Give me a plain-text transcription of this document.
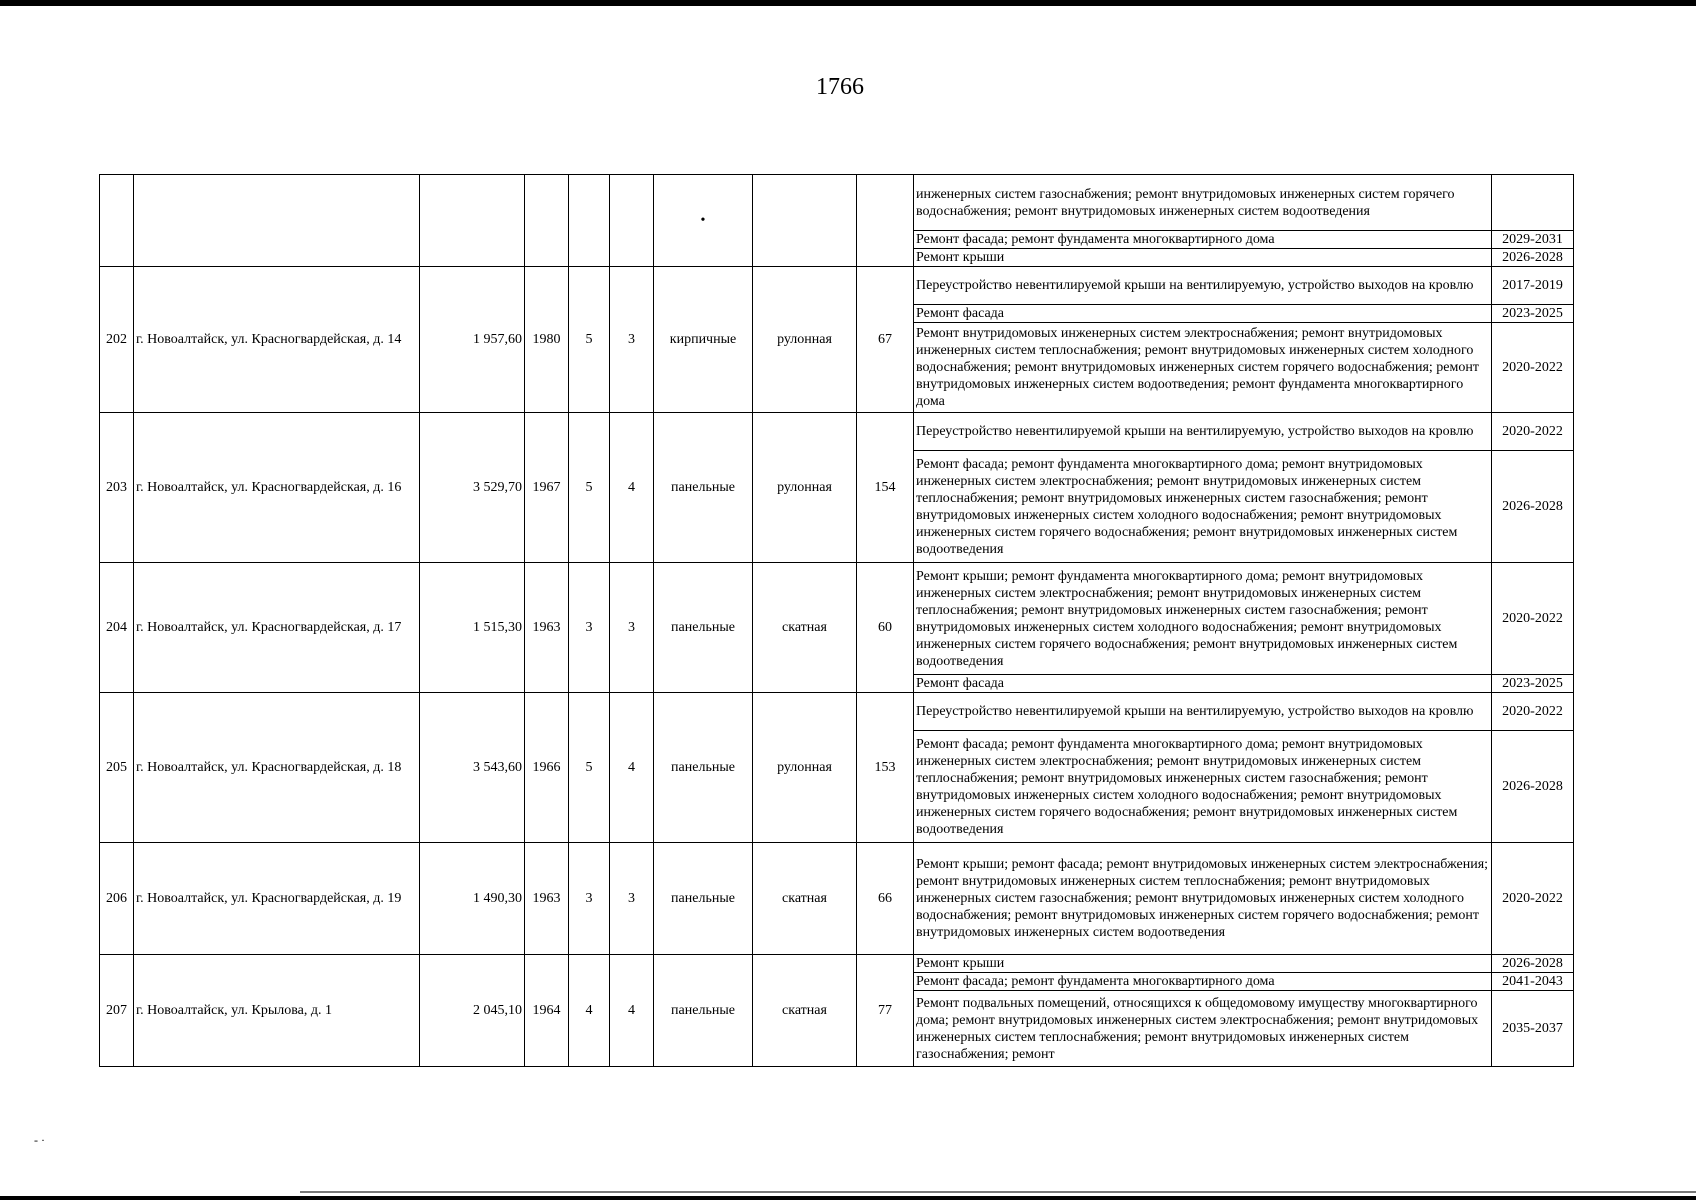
1766
						•			инженерных систем газоснабжения; ремонт внутридомовых инженерных систем горячего водоснабжения; ремонт внутридомовых инженерных систем водоотведения	
									Ремонт фасада; ремонт фундамента многоквартирного дома	2029-2031
									Ремонт крыши	2026-2028
202	г. Новоалтайск, ул. Красногвардейская, д. 14	1 957,60	1980	5	3	кирпичные	рулонная	67	Переустройство невентилируемой крыши на вентилируемую, устройство выходов на кровлю	2017-2019
									Ремонт фасада	2023-2025
									Ремонт внутридомовых инженерных систем электроснабжения; ремонт внутридомовых инженерных систем теплоснабжения; ремонт внутридомовых инженерных систем холодного водоснабжения; ремонт внутридомовых инженерных систем горячего водоснабжения; ремонт внутридомовых инженерных систем водоотведения; ремонт фундамента многоквартирного дома	2020-2022
203	г. Новоалтайск, ул. Красногвардейская, д. 16	3 529,70	1967	5	4	панельные	рулонная	154	Переустройство невентилируемой крыши на вентилируемую, устройство выходов на кровлю	2020-2022
									Ремонт фасада; ремонт фундамента многоквартирного дома; ремонт внутридомовых инженерных систем электроснабжения; ремонт внутридомовых инженерных систем теплоснабжения; ремонт внутридомовых инженерных систем газоснабжения; ремонт внутридомовых инженерных систем холодного водоснабжения; ремонт внутридомовых инженерных систем горячего водоснабжения; ремонт внутридомовых инженерных систем водоотведения	2026-2028
204	г. Новоалтайск, ул. Красногвардейская, д. 17	1 515,30	1963	3	3	панельные	скатная	60	Ремонт крыши; ремонт фундамента многоквартирного дома; ремонт внутридомовых инженерных систем электроснабжения; ремонт внутридомовых инженерных систем теплоснабжения; ремонт внутридомовых инженерных систем газоснабжения; ремонт внутридомовых инженерных систем холодного водоснабжения; ремонт внутридомовых инженерных систем горячего водоснабжения; ремонт внутридомовых инженерных систем водоотведения	2020-2022
									Ремонт фасада	2023-2025
205	г. Новоалтайск, ул. Красногвардейская, д. 18	3 543,60	1966	5	4	панельные	рулонная	153	Переустройство невентилируемой крыши на вентилируемую, устройство выходов на кровлю	2020-2022
									Ремонт фасада; ремонт фундамента многоквартирного дома; ремонт внутридомовых инженерных систем электроснабжения; ремонт внутридомовых инженерных систем теплоснабжения; ремонт внутридомовых инженерных систем газоснабжения; ремонт внутридомовых инженерных систем холодного водоснабжения; ремонт внутридомовых инженерных систем горячего водоснабжения; ремонт внутридомовых инженерных систем водоотведения	2026-2028
206	г. Новоалтайск, ул. Красногвардейская, д. 19	1 490,30	1963	3	3	панельные	скатная	66	Ремонт крыши; ремонт фасада; ремонт внутридомовых инженерных систем электроснабжения; ремонт внутридомовых инженерных систем теплоснабжения; ремонт внутридомовых инженерных систем газоснабжения; ремонт внутридомовых инженерных систем холодного водоснабжения; ремонт внутридомовых инженерных систем горячего водоснабжения; ремонт внутридомовых инженерных систем водоотведения	2020-2022
207	г. Новоалтайск, ул. Крылова, д. 1	2 045,10	1964	4	4	панельные	скатная	77	Ремонт крыши	2026-2028
									Ремонт фасада; ремонт фундамента многоквартирного дома	2041-2043
									Ремонт подвальных помещений, относящихся к общедомовому имуществу многоквартирного дома; ремонт внутридомовых инженерных систем электроснабжения; ремонт внутридомовых инженерных систем теплоснабжения; ремонт внутридомовых инженерных систем газоснабжения; ремонт	2035-2037
- ·
